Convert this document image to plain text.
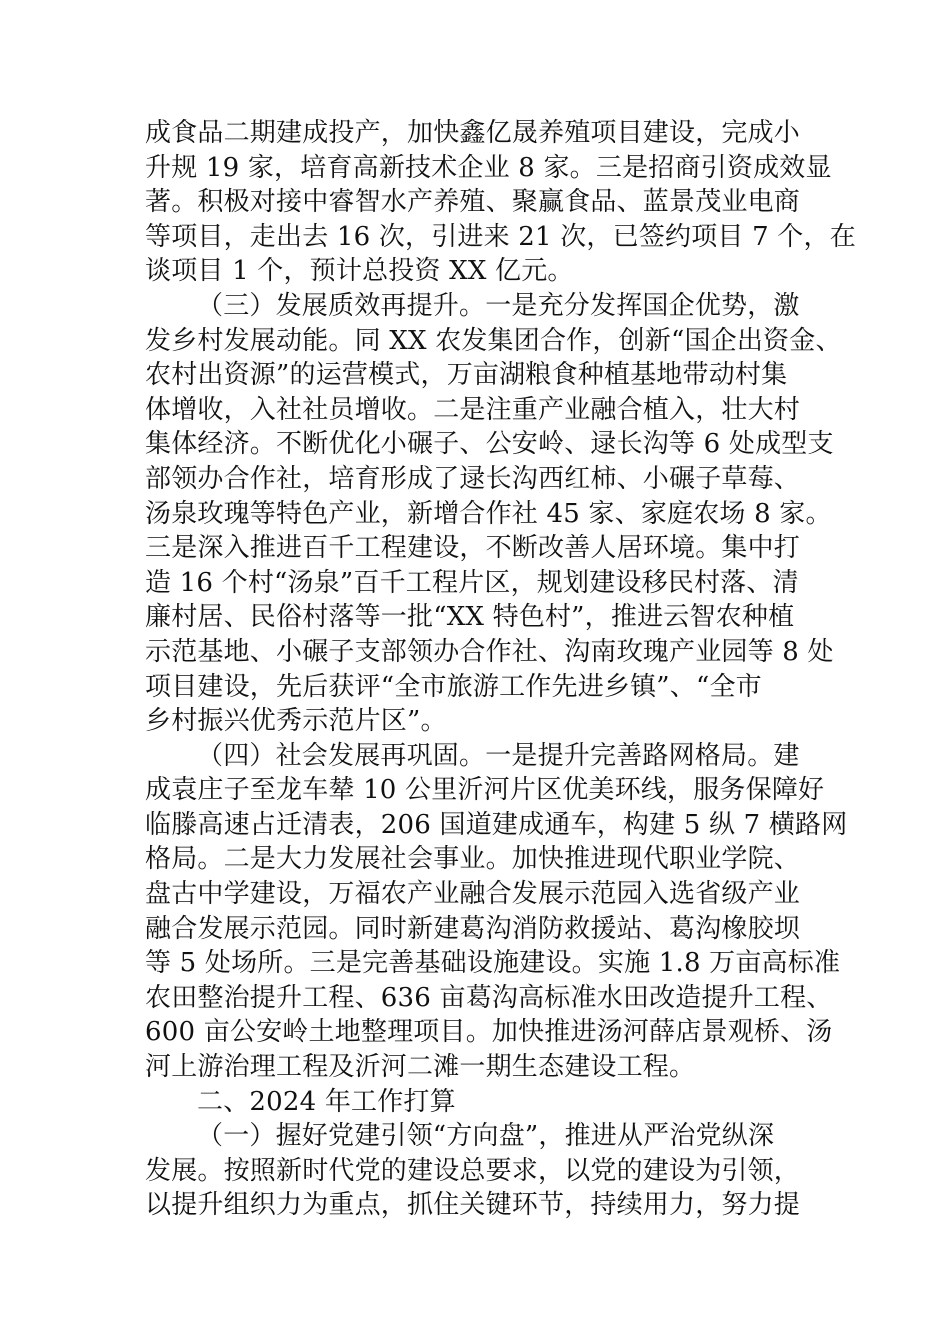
成食品二期建成投产，加快鑫亿晟养殖项目建设，完成小
升规 19 家，培育高新技术企业 8 家。三是招商引资成效显
著。积极对接中睿智水产养殖、聚赢食品、蓝景茂业电商
等项目，走出去 16 次，引进来 21 次，已签约项目 7 个，在
谈项目 1 个，预计总投资 XX 亿元。
（三）发展质效再提升。一是充分发挥国企优势，激
发乡村发展动能。同 XX 农发集团合作，创新“国企出资金、
农村出资源”的运营模式，万亩湖粮食种植基地带动村集
体增收，入社社员增收。二是注重产业融合植入，壮大村
集体经济。不断优化小碾子、公安岭、逯长沟等 6 处成型支
部领办合作社，培育形成了逯长沟西红柿、小碾子草莓、
汤泉玫瑰等特色产业，新增合作社 45 家、家庭农场 8 家。
三是深入推进百千工程建设，不断改善人居环境。集中打
造 16 个村“汤泉”百千工程片区，规划建设移民村落、清
廉村居、民俗村落等一批“XX 特色村”，推进云智农种植
示范基地、小碾子支部领办合作社、沟南玫瑰产业园等 8 处
项目建设，先后获评“全市旅游工作先进乡镇”、“全市
乡村振兴优秀示范片区”。
（四）社会发展再巩固。一是提升完善路网格局。建
成袁庄子至龙车辇 10 公里沂河片区优美环线，服务保障好
临滕高速占迁清表，206 国道建成通车，构建 5 纵 7 横路网
格局。二是大力发展社会事业。加快推进现代职业学院、
盘古中学建设，万福农产业融合发展示范园入选省级产业
融合发展示范园。同时新建葛沟消防救援站、葛沟橡胶坝
等 5 处场所。三是完善基础设施建设。实施 1.8 万亩高标准
农田整治提升工程、636 亩葛沟高标准水田改造提升工程、
600 亩公安岭土地整理项目。加快推进汤河薛店景观桥、汤
河上游治理工程及沂河二滩一期生态建设工程。
二、2024 年工作打算
（一）握好党建引领“方向盘”，推进从严治党纵深
发展。按照新时代党的建设总要求，以党的建设为引领，
以提升组织力为重点，抓住关键环节，持续用力，努力提
